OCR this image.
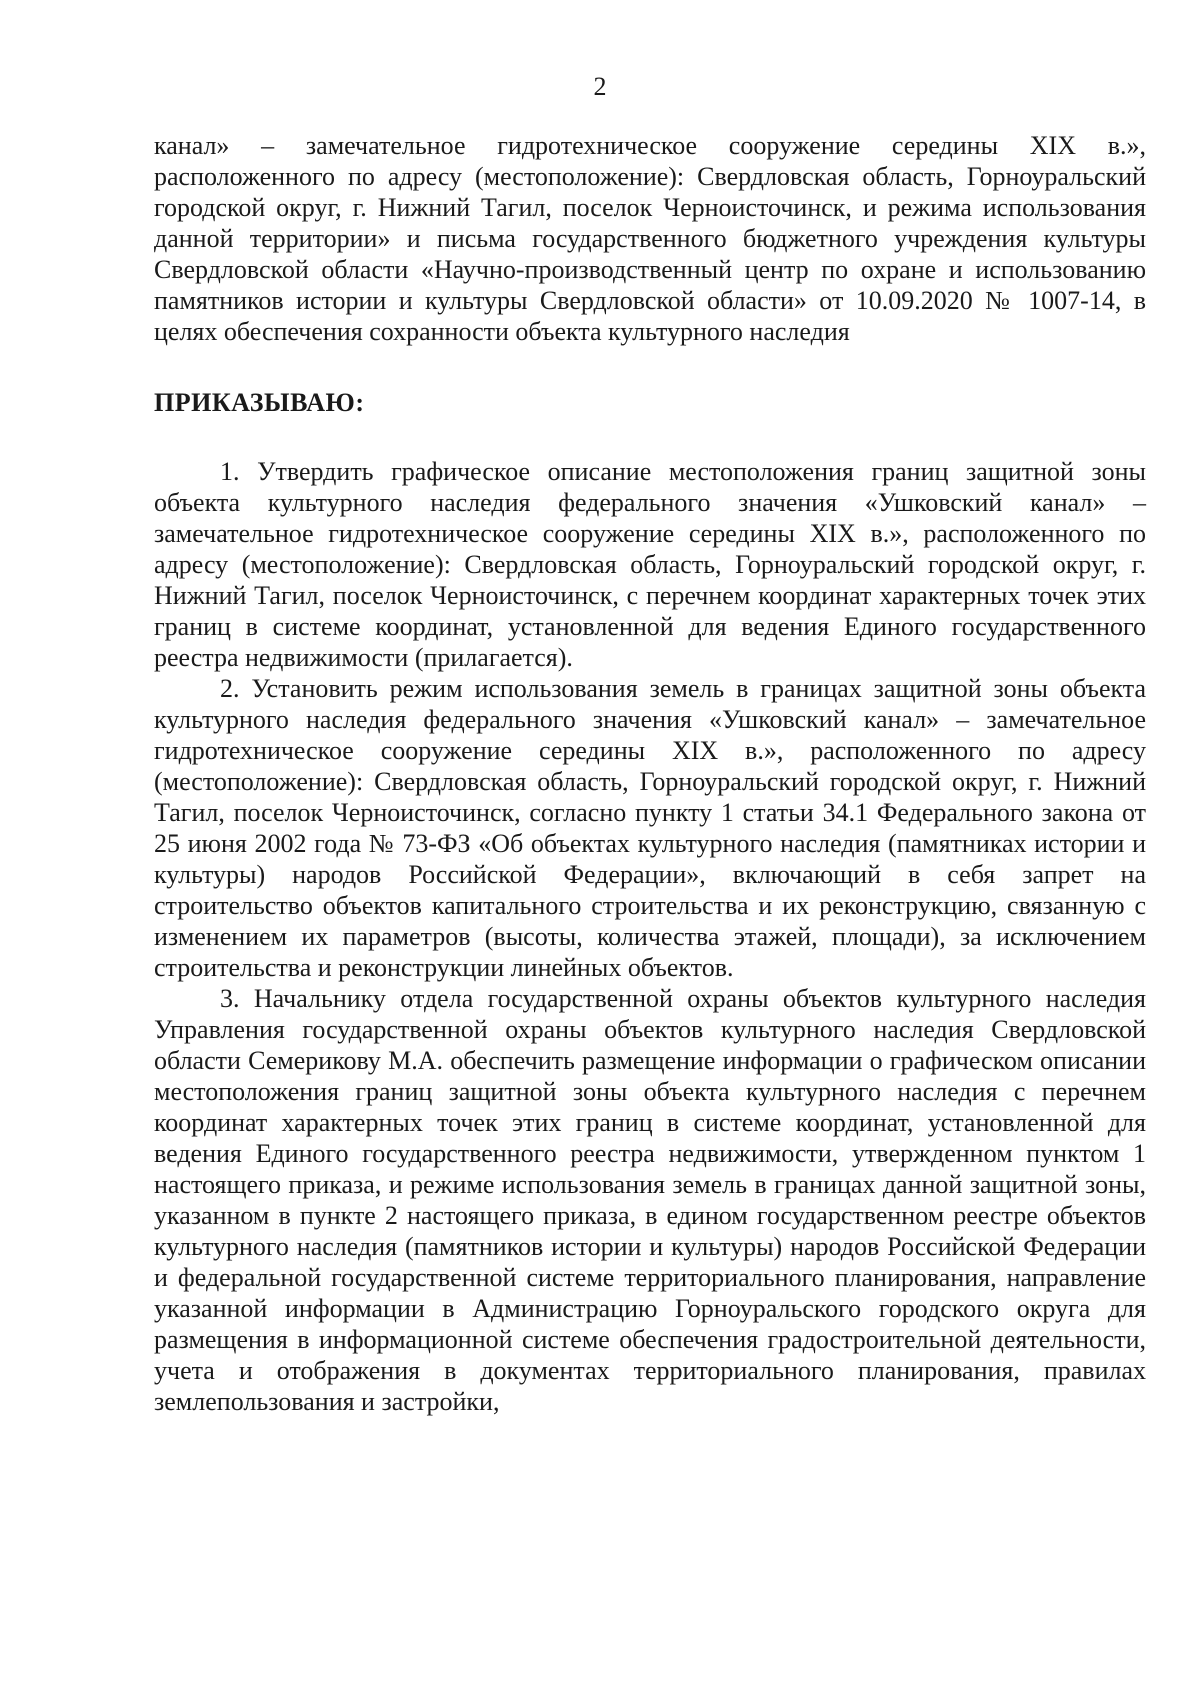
2

канал» – замечательное гидротехническое сооружение середины XIX в.», расположенного по адресу (местоположение): Свердловская область, Горноуральский городской округ, г. Нижний Тагил, поселок Черноисточинск, и режима использования данной территории» и письма государственного бюджетного учреждения культуры Свердловской области «Научно-производственный центр по охране и использованию памятников истории и культуры Свердловской области» от 10.09.2020 № 1007-14, в целях обеспечения сохранности объекта культурного наследия

ПРИКАЗЫВАЮ:

1. Утвердить графическое описание местоположения границ защитной зоны объекта культурного наследия федерального значения «Ушковский канал» – замечательное гидротехническое сооружение середины XIX в.», расположенного по адресу (местоположение): Свердловская область, Горноуральский городской округ, г. Нижний Тагил, поселок Черноисточинск, с перечнем координат характерных точек этих границ в системе координат, установленной для ведения Единого государственного реестра недвижимости (прилагается).

2. Установить режим использования земель в границах защитной зоны объекта культурного наследия федерального значения «Ушковский канал» – замечательное гидротехническое сооружение середины XIX в.», расположенного по адресу (местоположение): Свердловская область, Горноуральский городской округ, г. Нижний Тагил, поселок Черноисточинск, согласно пункту 1 статьи 34.1 Федерального закона от 25 июня 2002 года № 73-ФЗ «Об объектах культурного наследия (памятниках истории и культуры) народов Российской Федерации», включающий в себя запрет на строительство объектов капитального строительства и их реконструкцию, связанную с изменением их параметров (высоты, количества этажей, площади), за исключением строительства и реконструкции линейных объектов.

3. Начальнику отдела государственной охраны объектов культурного наследия Управления государственной охраны объектов культурного наследия Свердловской области Семерикову М.А. обеспечить размещение информации о графическом описании местоположения границ защитной зоны объекта культурного наследия с перечнем координат характерных точек этих границ в системе координат, установленной для ведения Единого государственного реестра недвижимости, утвержденном пунктом 1 настоящего приказа, и режиме использования земель в границах данной защитной зоны, указанном в пункте 2 настоящего приказа, в едином государственном реестре объектов культурного наследия (памятников истории и культуры) народов Российской Федерации и федеральной государственной системе территориального планирования, направление указанной информации в Администрацию Горноуральского городского округа для размещения в информационной системе обеспечения градостроительной деятельности, учета и отображения в документах территориального планирования, правилах землепользования и застройки,
